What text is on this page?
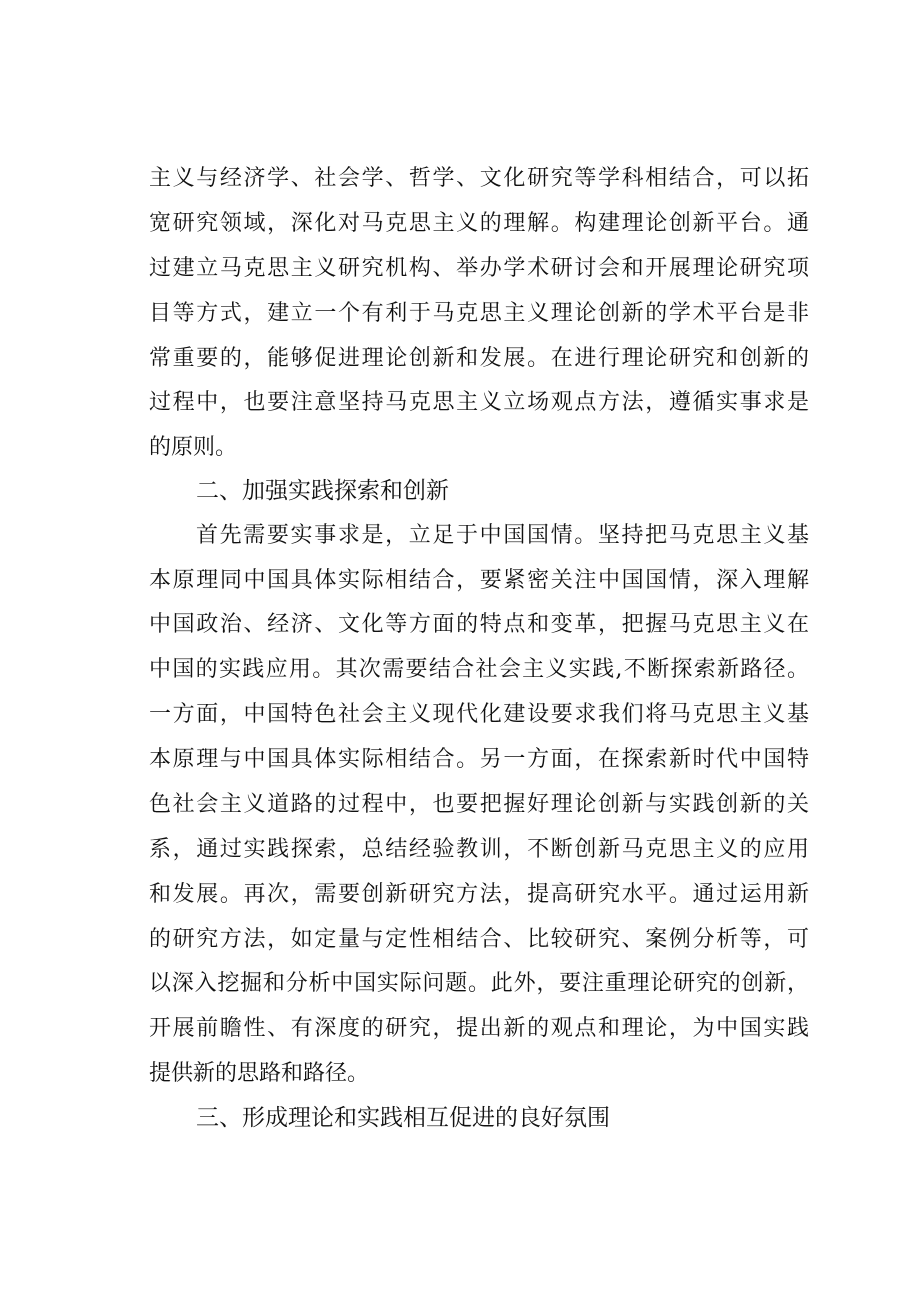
主义与经济学、社会学、哲学、文化研究等学科相结合，可以拓
宽研究领域，深化对马克思主义的理解。构建理论创新平台。通
过建立马克思主义研究机构、举办学术研讨会和开展理论研究项
目等方式，建立一个有利于马克思主义理论创新的学术平台是非
常重要的，能够促进理论创新和发展。在进行理论研究和创新的
过程中，也要注意坚持马克思主义立场观点方法，遵循实事求是
的原则。
二、加强实践探索和创新
首先需要实事求是，立足于中国国情。坚持把马克思主义基
本原理同中国具体实际相结合，要紧密关注中国国情，深入理解
中国政治、经济、文化等方面的特点和变革，把握马克思主义在
中国的实践应用。其次需要结合社会主义实践,不断探索新路径。
一方面，中国特色社会主义现代化建设要求我们将马克思主义基
本原理与中国具体实际相结合。另一方面，在探索新时代中国特
色社会主义道路的过程中，也要把握好理论创新与实践创新的关
系，通过实践探索，总结经验教训，不断创新马克思主义的应用
和发展。再次，需要创新研究方法，提高研究水平。通过运用新
的研究方法，如定量与定性相结合、比较研究、案例分析等，可
以深入挖掘和分析中国实际问题。此外，要注重理论研究的创新，
开展前瞻性、有深度的研究，提出新的观点和理论，为中国实践
提供新的思路和路径。
三、形成理论和实践相互促进的良好氛围
